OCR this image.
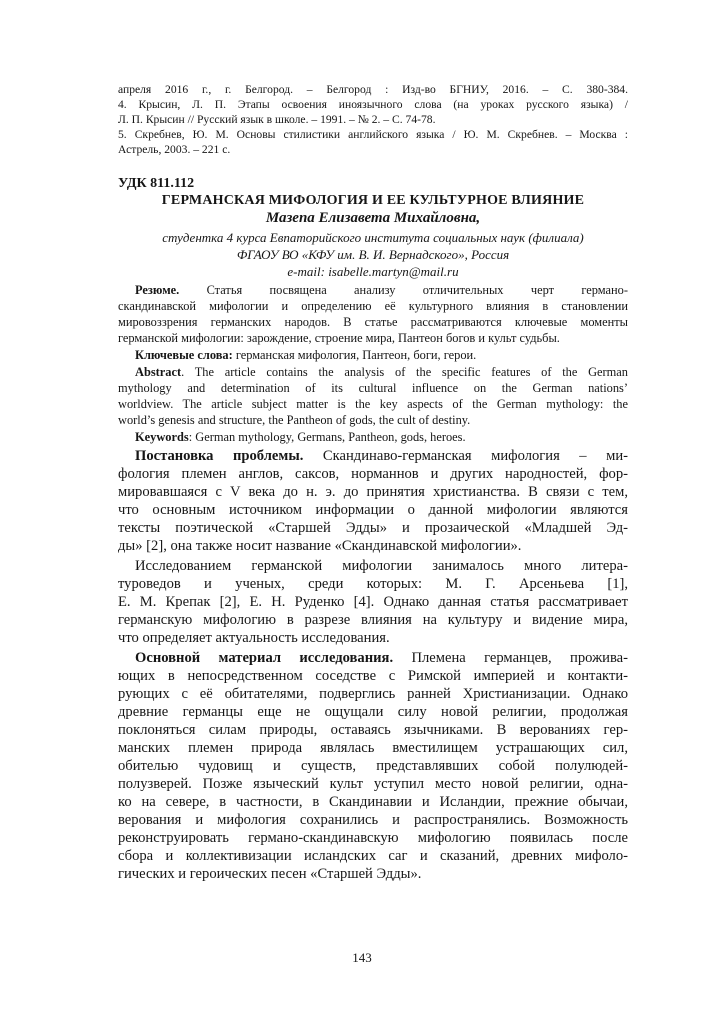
апреля 2016 г., г. Белгород. – Белгород : Изд-во БГНИУ, 2016. – С. 380-384.
4. Крысин, Л. П. Этапы освоения иноязычного слова (на уроках русского языка) /
Л. П. Крысин // Русский язык в школе. – 1991. – № 2. – С. 74-78.
5. Скребнев, Ю. М. Основы стилистики английского языка / Ю. М. Скребнев. – Москва :
Астрель, 2003. – 221 с.
УДК 811.112
ГЕРМАНСКАЯ МИФОЛОГИЯ И ЕЕ КУЛЬТУРНОЕ ВЛИЯНИЕ
Мазепа Елизавета Михайловна,
студентка 4 курса Евпаторийского института социальных наук (филиала)
ФГАОУ ВО «КФУ им. В. И. Вернадского», Россия
e-mail: isabelle.martyn@mail.ru
Резюме. Статья посвящена анализу отличительных черт германо-
скандинавской мифологии и определению её культурного влияния в становлении
мировоззрения германских народов. В статье рассматриваются ключевые моменты
германской мифологии: зарождение, строение мира, Пантеон богов и культ судьбы.
Ключевые слова: германская мифология, Пантеон, боги, герои.
Abstract. The article contains the analysis of the specific features of the German
mythology and determination of its cultural influence on the German nations’
worldview. The article subject matter is the key aspects of the German mythology: the
world’s genesis and structure, the Pantheon of gods, the cult of destiny.
Keywords: German mythology, Germans, Pantheon, gods, heroes.
Постановка проблемы. Скандинаво-германская мифология – ми-
фология племен англов, саксов, норманнов и других народностей, фор-
мировавшаяся с V века до н. э. до принятия христианства. В связи с тем,
что основным источником информации о данной мифологии являются
тексты поэтической «Старшей Эдды» и прозаической «Младшей Эд-
ды» [2], она также носит название «Скандинавской мифологии».
Исследованием германской мифологии занималось много литера-
туроведов и ученых, среди которых: М. Г. Арсеньева [1],
Е. М. Крепак [2], Е. Н. Руденко [4]. Однако данная статья рассматривает
германскую мифологию в разрезе влияния на культуру и видение мира,
что определяет актуальность исследования.
Основной материал исследования. Племена германцев, прожива-
ющих в непосредственном соседстве с Римской империей и контакти-
рующих с её обитателями, подверглись ранней Христианизации. Однако
древние германцы еще не ощущали силу новой религии, продолжая
поклоняться силам природы, оставаясь язычниками. В верованиях гер-
манских племен природа являлась вместилищем устрашающих сил,
обителью чудовищ и существ, представлявших собой полулюдей-
полузверей. Позже языческий культ уступил место новой религии, одна-
ко на севере, в частности, в Скандинавии и Исландии, прежние обычаи,
верования и мифология сохранились и распространялись. Возможность
реконструировать германо-скандинавскую мифологию появилась после
сбора и коллективизации исландских саг и сказаний, древних мифоло-
гических и героических песен «Старшей Эдды».
143
